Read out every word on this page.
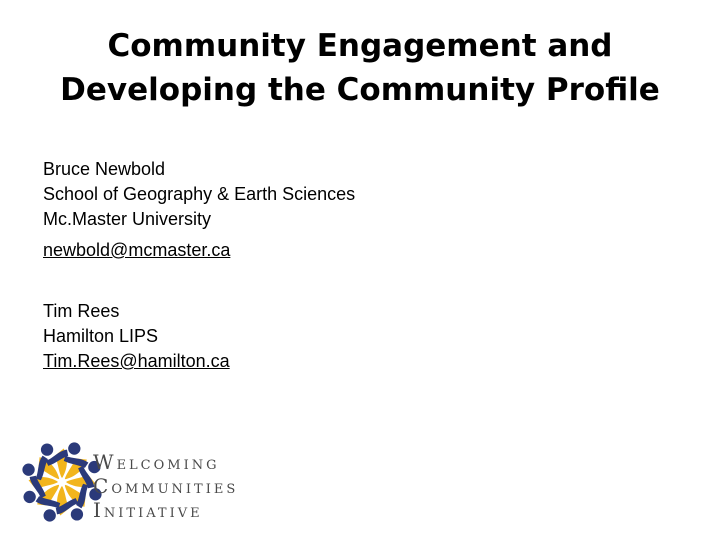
Community Engagement and
Developing the Community Profile
Bruce Newbold
School of Geography & Earth Sciences
Mc.Master University
newbold@mcmaster.ca
Tim Rees
Hamilton LIPS
Tim.Rees@hamilton.ca
WELCOMING
COMMUNITIES
INITIATIVE
